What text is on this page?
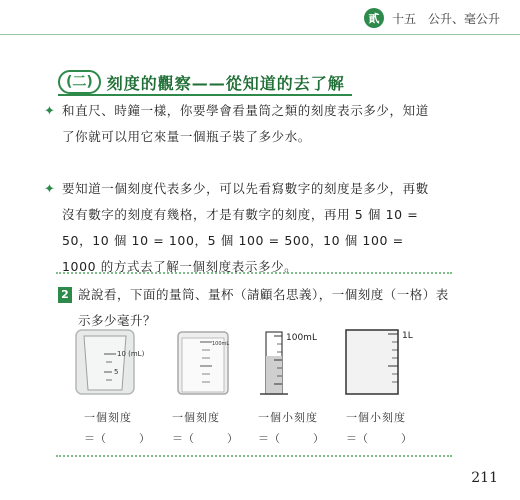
貳	十五　公升、毫公升
(二) 刻度的觀察——從知道的去了解
✦ 和直尺、時鐘一樣，你要學會看量筒之類的刻度表示多少，知道了你就可以用它來量一個瓶子裝了多少水。
✦ 要知道一個刻度代表多少，可以先看寫數字的刻度是多少，再數沒有數字的刻度有幾格，才是有數字的刻度，再用 5 個 10 = 50，10 個 10 = 100，5 個 100 = 500，10 個 100 = 1000 的方式去了解一個刻度表示多少。
2 說說看，下面的量筒、量杯（請顧名思義），一個刻度（一格）表示多少毫升？
10 (mL)
5
100mL
100mL	1L
一個刻度	一個刻度	一個小刻度	一個小刻度
＝（　　　） ＝（　　　） ＝（　　　） ＝（　　　）
211
